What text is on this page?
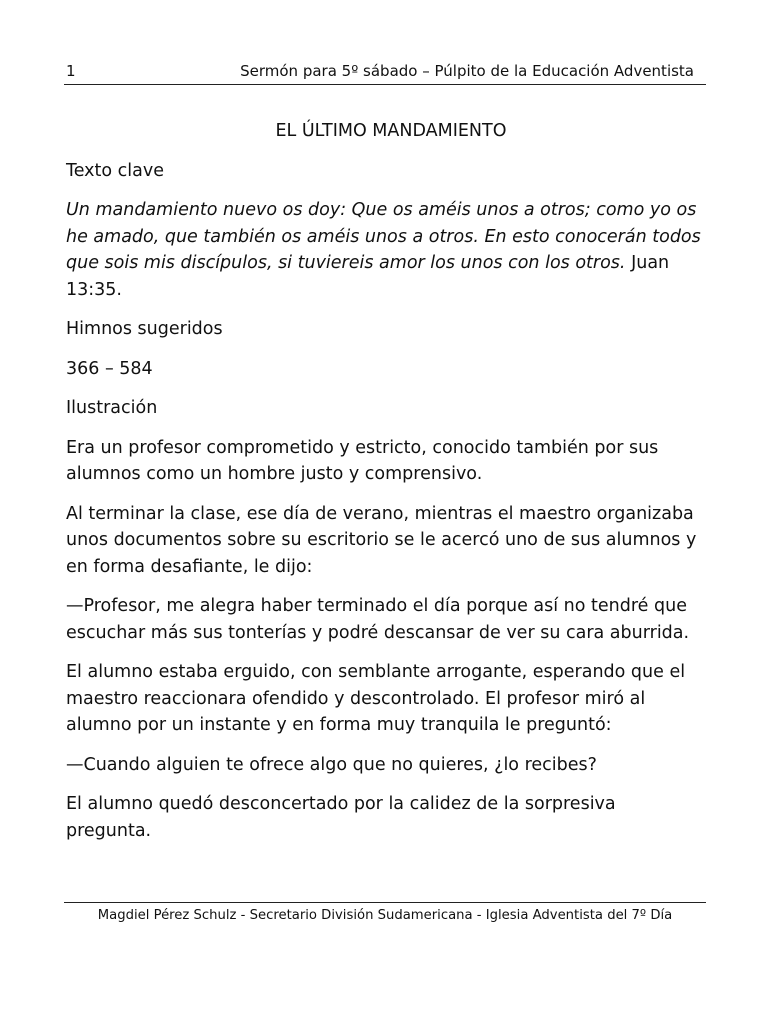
1	Sermón para 5º sábado – Púlpito de la Educación Adventista

EL ÚLTIMO MANDAMIENTO

Texto clave

Un mandamiento nuevo os doy: Que os améis unos a otros; como yo os he amado, que también os améis unos a otros. En esto conocerán todos que sois mis discípulos, si tuviereis amor los unos con los otros. Juan 13:35.

Himnos sugeridos

366 – 584

Ilustración

Era un profesor comprometido y estricto, conocido también por sus alumnos como un hombre justo y comprensivo.

Al terminar la clase, ese día de verano, mientras el maestro organizaba unos documentos sobre su escritorio se le acercó uno de sus alumnos y en forma desafiante, le dijo:

—Profesor, me alegra haber terminado el día porque así no tendré que escuchar más sus tonterías y podré descansar de ver su cara aburrida.

El alumno estaba erguido, con semblante arrogante, esperando que el maestro reaccionara ofendido y descontrolado. El profesor miró al alumno por un instante y en forma muy tranquila le preguntó:

—Cuando alguien te ofrece algo que no quieres, ¿lo recibes?

El alumno quedó desconcertado por la calidez de la sorpresiva pregunta.

Magdiel Pérez Schulz - Secretario División Sudamericana - Iglesia Adventista del 7º Día
